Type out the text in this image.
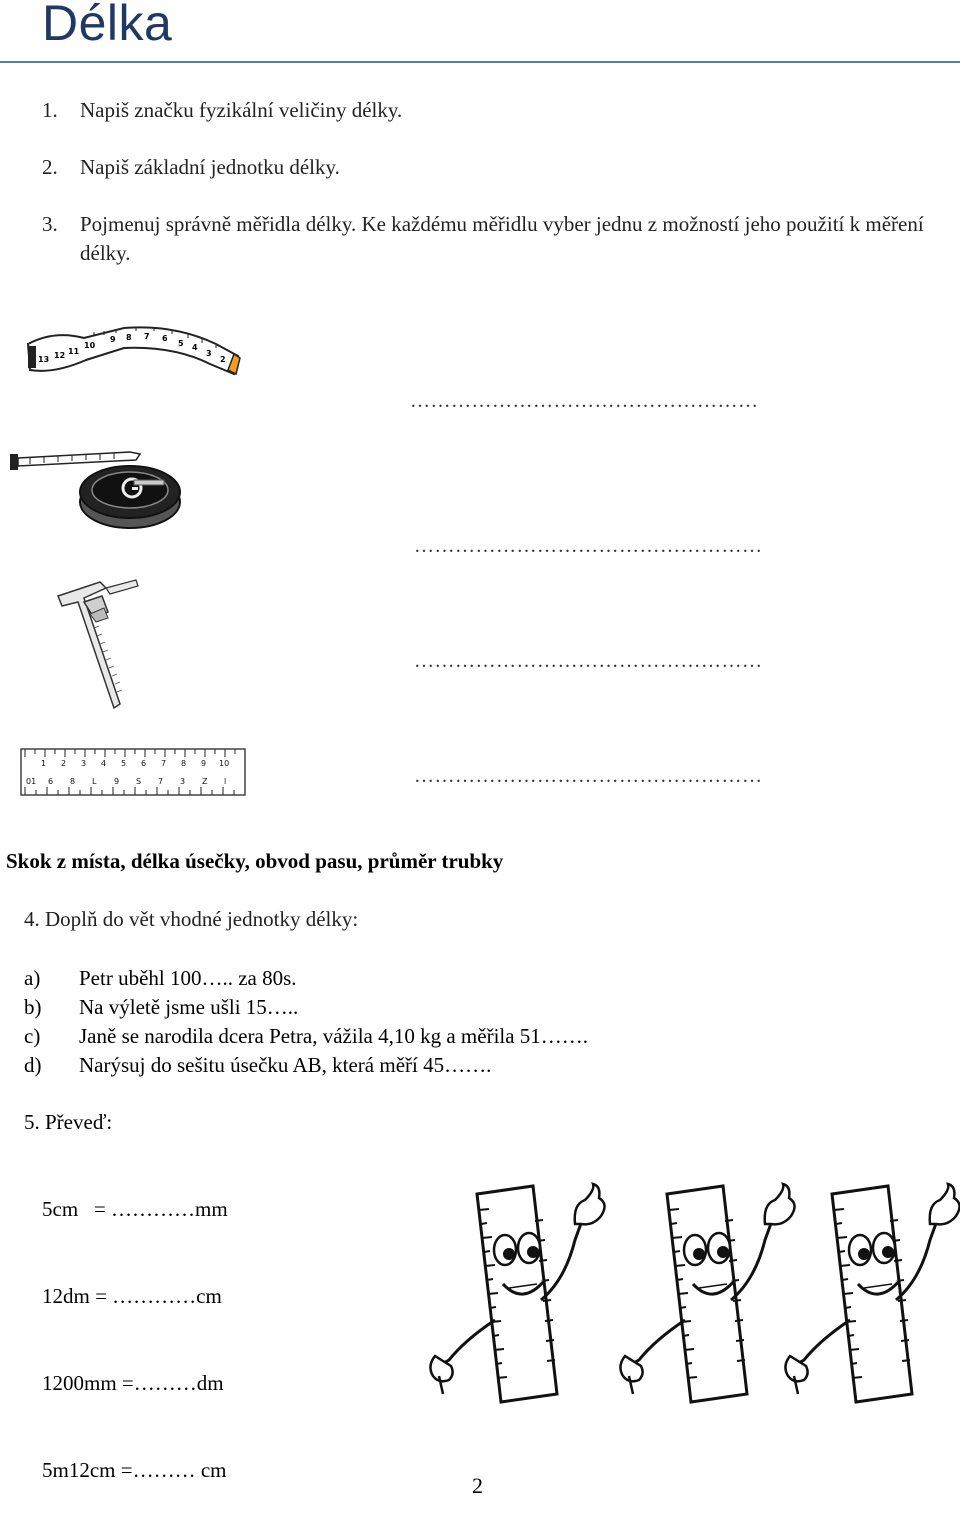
Délka
1. Napiš značku fyzikální veličiny délky.
2. Napiš základní jednotku délky.
3. Pojmenuj správně měřidla délky. Ke každému měřidlu vyber jednu z možností jeho použití k měření délky.
13 12 11
10
9 8 7 6
5 4
3
2
1 2 3 4 5 6 7 8 9 10
01 6 8 L 9 S 7 3 Z l
……………………………………………
……………………………………………
……………………………………………
……………………………………………
Skok z místa, délka úsečky, obvod pasu, průměr trubky
4. Doplň do vět vhodné jednotky délky:
a) Petr uběhl 100….. za 80s.
b) Na výletě jsme ušli 15…..
c) Janě se narodila dcera Petra, vážila 4,10 kg a měřila 51…….
d) Narýsuj do sešitu úsečku AB, která měří 45…….
5. Převeď:

5cm   = …………mm

12dm = …………cm

1200mm =………dm

5m12cm =……… cm

2
